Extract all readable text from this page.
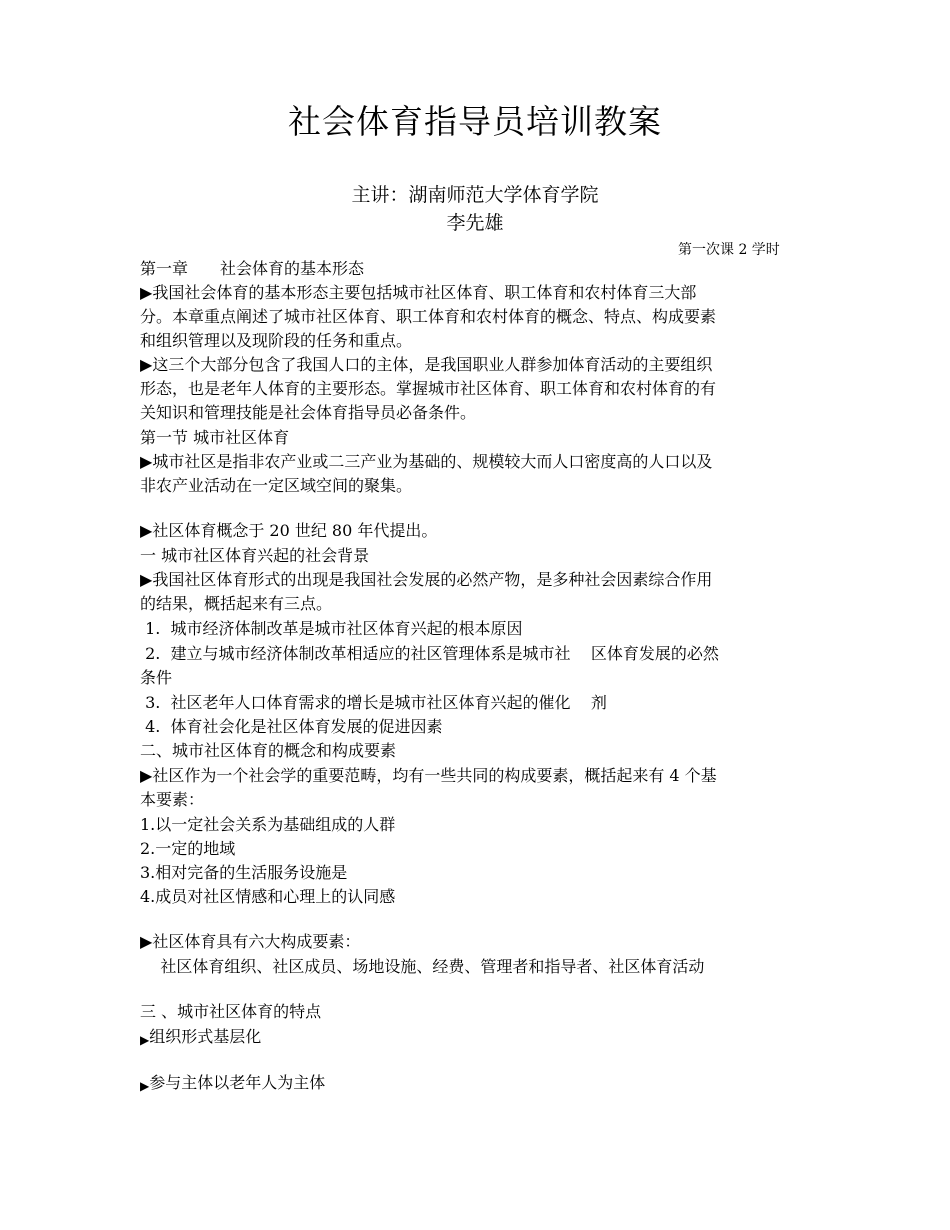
社会体育指导员培训教案
主讲：湖南师范大学体育学院
李先雄
第一次课 2 学时
第一章　　社会体育的基本形态
▶我国社会体育的基本形态主要包括城市社区体育、职工体育和农村体育三大部
分。本章重点阐述了城市社区体育、职工体育和农村体育的概念、特点、构成要素
和组织管理以及现阶段的任务和重点。
▶这三个大部分包含了我国人口的主体，是我国职业人群参加体育活动的主要组织
形态，也是老年人体育的主要形态。掌握城市社区体育、职工体育和农村体育的有
关知识和管理技能是社会体育指导员必备条件。
第一节 城市社区体育
▶城市社区是指非农产业或二三产业为基础的、规模较大而人口密度高的人口以及
非农产业活动在一定区域空间的聚集。
▶社区体育概念于 20 世纪 80 年代提出。
一 城市社区体育兴起的社会背景
▶我国社区体育形式的出现是我国社会发展的必然产物，是多种社会因素综合作用
的结果，概括起来有三点。
1.  城市经济体制改革是城市社区体育兴起的根本原因
2.  建立与城市经济体制改革相适应的社区管理体系是城市社    区体育发展的必然
条件
3.  社区老年人口体育需求的增长是城市社区体育兴起的催化    剂
4.  体育社会化是社区体育发展的促进因素
二、城市社区体育的概念和构成要素
▶社区作为一个社会学的重要范畴，均有一些共同的构成要素，概括起来有 4 个基
本要素：
1.以一定社会关系为基础组成的人群
2.一定的地域
3.相对完备的生活服务设施是
4.成员对社区情感和心理上的认同感
▶社区体育具有六大构成要素：
社区体育组织、社区成员、场地设施、经费、管理者和指导者、社区体育活动
三 、城市社区体育的特点
▶组织形式基层化
▶参与主体以老年人为主体
